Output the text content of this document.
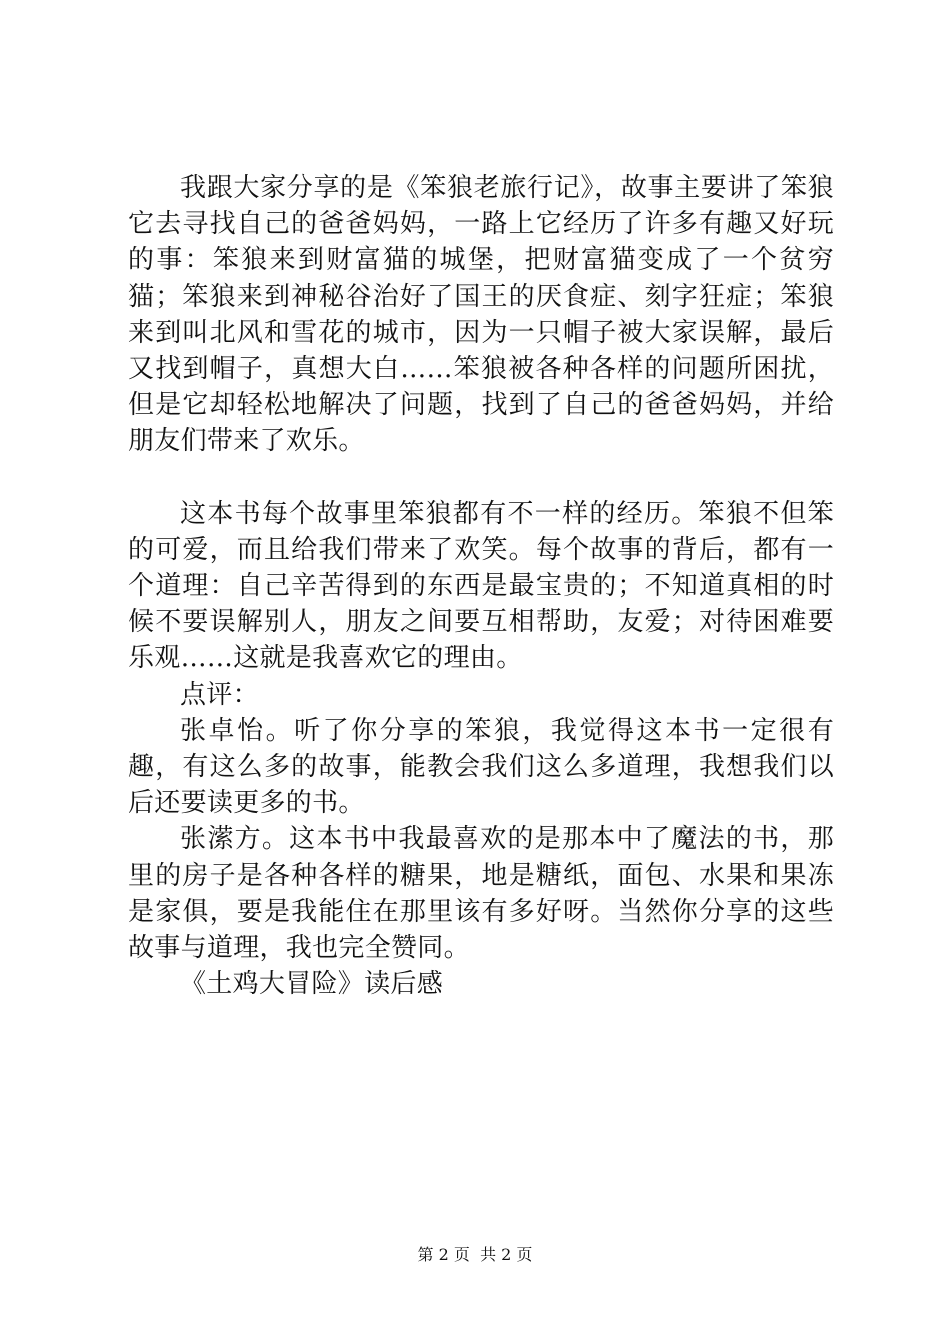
我跟大家分享的是《笨狼老旅行记》，故事主要讲了笨狼它去寻找自己的爸爸妈妈，一路上它经历了许多有趣又好玩的事：笨狼来到财富猫的城堡，把财富猫变成了一个贫穷猫；笨狼来到神秘谷治好了国王的厌食症、刻字狂症；笨狼来到叫北风和雪花的城市，因为一只帽子被大家误解，最后又找到帽子，真想大白……笨狼被各种各样的问题所困扰，但是它却轻松地解决了问题，找到了自己的爸爸妈妈，并给朋友们带来了欢乐。

这本书每个故事里笨狼都有不一样的经历。笨狼不但笨的可爱，而且给我们带来了欢笑。每个故事的背后，都有一个道理：自己辛苦得到的东西是最宝贵的；不知道真相的时候不要误解别人，朋友之间要互相帮助，友爱；对待困难要乐观……这就是我喜欢它的理由。

点评：

张卓怡。听了你分享的笨狼，我觉得这本书一定很有趣，有这么多的故事，能教会我们这么多道理，我想我们以后还要读更多的书。

张潆方。这本书中我最喜欢的是那本中了魔法的书，那里的房子是各种各样的糖果，地是糖纸，面包、水果和果冻是家俱，要是我能住在那里该有多好呀。当然你分享的这些故事与道理，我也完全赞同。

《土鸡大冒险》读后感

第 2 页  共 2 页
